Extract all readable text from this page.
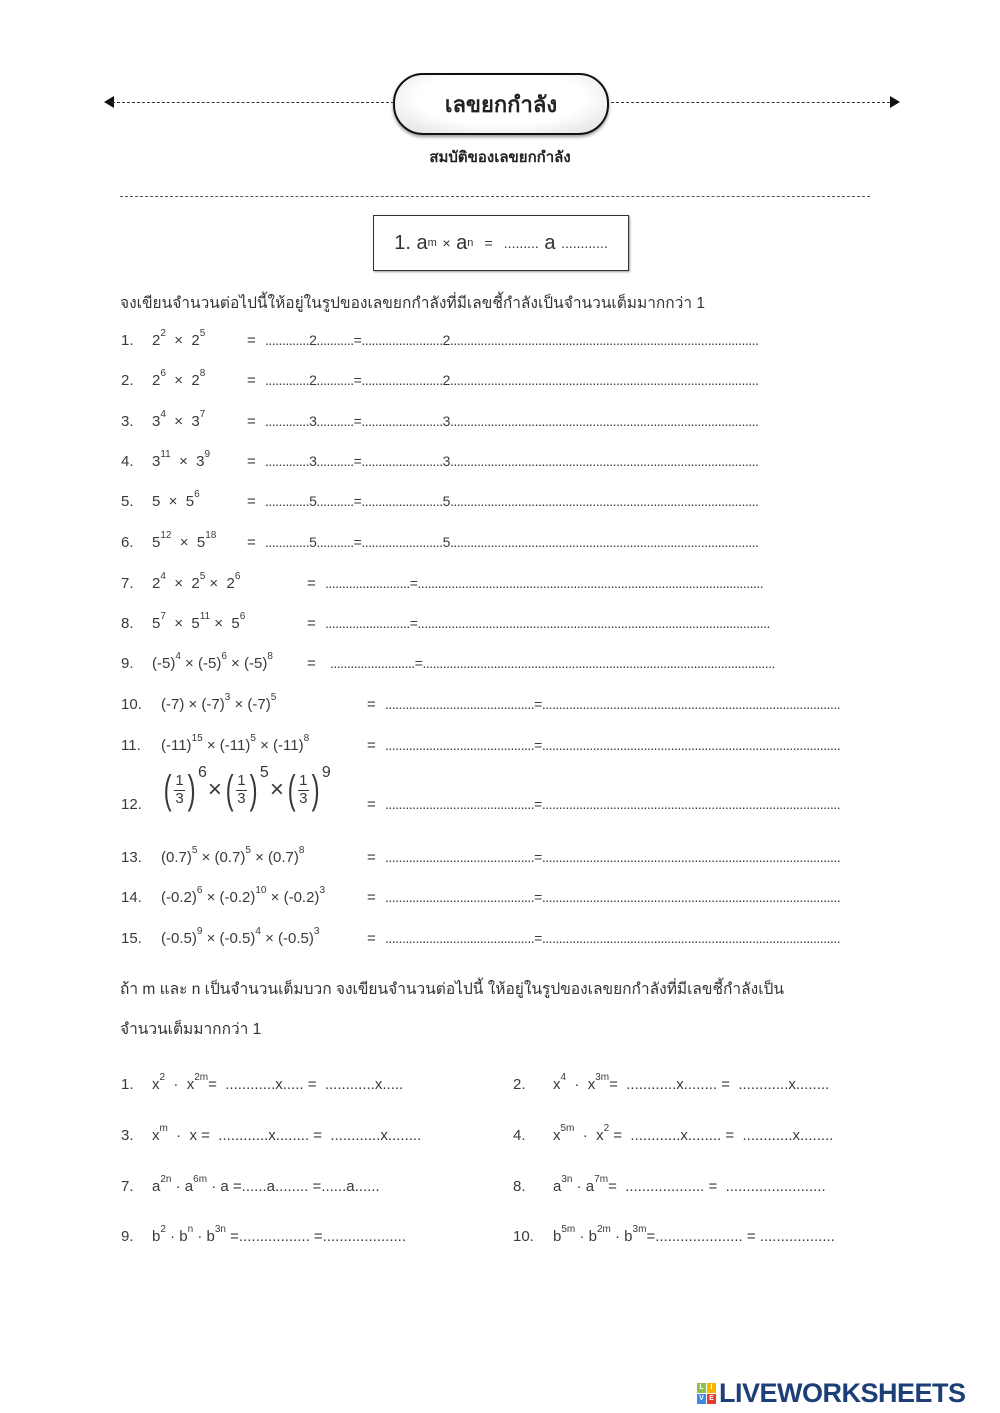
เลขยกกำลัง
สมบัติของเลขยกกำลัง
1.
a m
×
a n
=
.........
a
............
จงเขียนจำนวนต่อไปนี้ให้อยู่ในรูปของเลขยกกำลังที่มีเลขชี้กำลังเป็นจำนวนเต็มมากกว่า 1
1. $2^2 \times 2^5$	= .............2...........=........................2...........................................................................................
2. $2^6 \times 2^8$	= .............2...........=........................2...........................................................................................
3. $3^4 \times 3^7$	= .............3...........=........................3...........................................................................................
4. $3^{11} \times 3^9 = .............3...........=........................3$...........................................................................................
5. $5 \times 5^6$	= .............5...........=........................5...........................................................................................
6. $5^{12} \times 5^{18} = .............5...........=........................5$...........................................................................................
7. $2^4 \times 2^5 \times 2^6$	= .........................=......................................................................................................
8. $5^7 \times 5^{11} \times 5^6$	= .........................=........................................................................................................
9. $(-5)^4 \times (-5)^6 \times (-5)^8$ = .........................=........................................................................................................
10. $(-7) \times (-7)^3 \times (-7)^5$	= ............................................=........................................................................................
11. $(-11)^{15} \times (-11)^5 \times (-11)^8$	= ............................................=........................................................................................
12. ( $\frac{1}{3}$ ) 6
× ( $\frac{1}{3}$ ) 5
× ( $\frac{1}{3}$ ) 9
= ............................................=........................................................................................
13. $(0.7)^5 \times (0.7)^5 \times (0.7)^8$	= ............................................=........................................................................................
14. $(-0.2)^6 \times (-0.2)^{10} \times (-0.2)^3$	= ............................................=........................................................................................
15. $(-0.5)^9 \times (-0.5)^4 \times (-0.5)^3$	= ............................................=........................................................................................
ถ้า m และ n เป็นจำนวนเต็มบวก จงเขียนจำนวนต่อไปนี้ ให้อยู่ในรูปของเลขยกกำลังที่มีเลขชี้กำลังเป็น
จำนวนเต็มมากกว่า 1
1.	$x^2 \cdot x^{2m}= ............x$..... =  ............x.....	2.	$x^4 \cdot x^{3m}= ............x$........ =  ............x........
3.	$x^m \cdot x = ............x$........ =  ............x........	4.	$x^{5m} \cdot x^2 = ............x$........ =  ............x........
7.	$a^{2n} \cdot a^{6m} \cdot a =......a$........ =......a......	8.	$a^{3n} \cdot a^{7m}=$  ................... =  ........................
9.	$b^2 \cdot b^n \cdot b^{3n}$ =................. =....................	10.	$b^{5m} \cdot b^{2m} \cdot b^{3m}=$..................... = ..................
L I
V E LIVEWORKSHEETS
